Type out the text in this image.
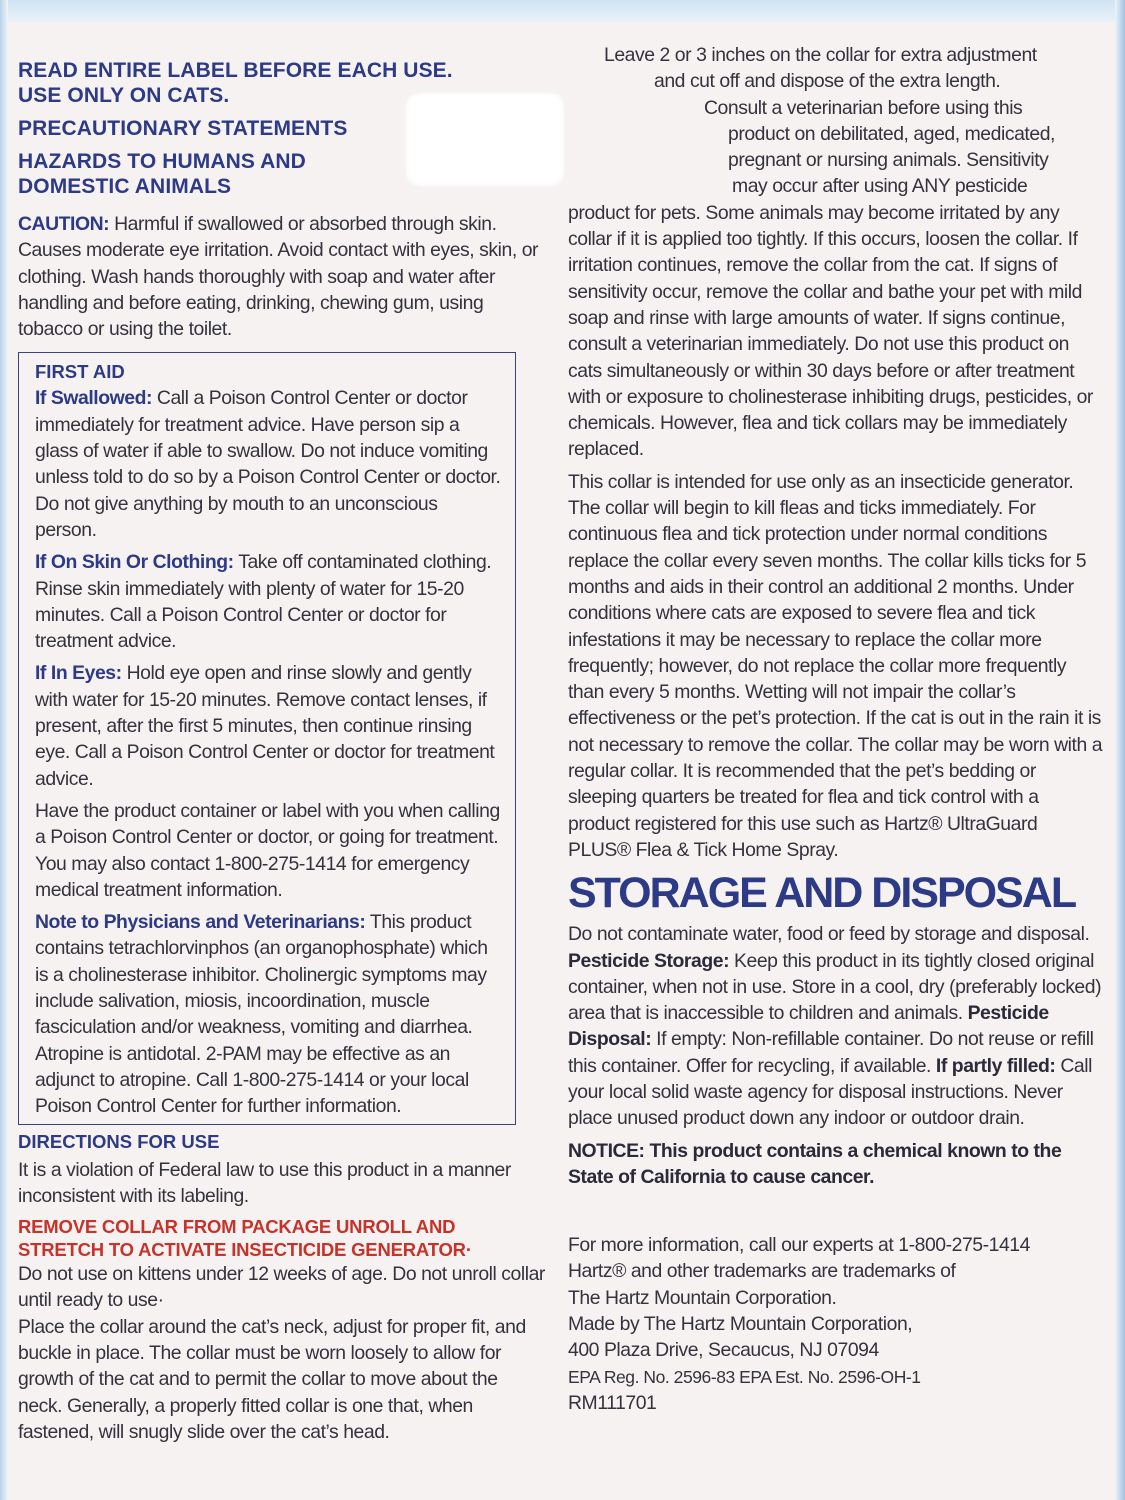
READ ENTIRE LABEL BEFORE EACH USE.

USE ONLY ON CATS.

PRECAUTIONARY STATEMENTS

HAZARDS TO HUMANS AND

DOMESTIC ANIMALS

CAUTION: Harmful if swallowed or absorbed through skin. Causes moderate eye irritation. Avoid contact with eyes, skin, or clothing. Wash hands thoroughly with soap and water after handling and before eating, drinking, chewing gum, using tobacco or using the toilet.

FIRST AID

If Swallowed: Call a Poison Control Center or doctor immediately for treatment advice. Have person sip a glass of water if able to swallow. Do not induce vomiting unless told to do so by a Poison Control Center or doctor. Do not give anything by mouth to an unconscious person.

If On Skin Or Clothing: Take off contaminated clothing. Rinse skin immediately with plenty of water for 15-20 minutes. Call a Poison Control Center or doctor for treatment advice.

If In Eyes: Hold eye open and rinse slowly and gently with water for 15-20 minutes. Remove contact lenses, if present, after the first 5 minutes, then continue rinsing eye. Call a Poison Control Center or doctor for treatment advice.

Have the product container or label with you when calling a Poison Control Center or doctor, or going for treatment. You may also contact 1-800-275-1414 for emergency medical treatment information.

Note to Physicians and Veterinarians: This product contains tetrachlorvinphos (an organophosphate) which is a cholinesterase inhibitor. Cholinergic symptoms may include salivation, miosis, incoordination, muscle fasciculation and/or weakness, vomiting and diarrhea. Atropine is antidotal. 2-PAM may be effective as an adjunct to atropine. Call 1-800-275-1414 or your local Poison Control Center for further information.

DIRECTIONS FOR USE

It is a violation of Federal law to use this product in a manner inconsistent with its labeling.

REMOVE COLLAR FROM PACKAGE UNROLL AND STRETCH TO ACTIVATE INSECTICIDE GENERATOR·

Do not use on kittens under 12 weeks of age. Do not unroll collar until ready to use·

Place the collar around the cat’s neck, adjust for proper fit, and buckle in place. The collar must be worn loosely to allow for growth of the cat and to permit the collar to move about the neck. Generally, a properly fitted collar is one that, when fastened, will snugly slide over the cat’s head.

Leave 2 or 3 inches on the collar for extra adjustment

and cut off and dispose of the extra length.

Consult a veterinarian before using this

product on debilitated, aged, medicated,

pregnant or nursing animals. Sensitivity

may occur after using ANY pesticide

product for pets. Some animals may become irritated by any collar if it is applied too tightly. If this occurs, loosen the collar. If irritation continues, remove the collar from the cat. If signs of sensitivity occur, remove the collar and bathe your pet with mild soap and rinse with large amounts of water. If signs continue, consult a veterinarian immediately. Do not use this product on cats simultaneously or within 30 days before or after treatment with or exposure to cholinesterase inhibiting drugs, pesticides, or chemicals. However, flea and tick collars may be immediately replaced.

This collar is intended for use only as an insecticide generator. The collar will begin to kill fleas and ticks immediately. For continuous flea and tick protection under normal conditions replace the collar every seven months. The collar kills ticks for 5 months and aids in their control an additional 2 months. Under conditions where cats are exposed to severe flea and tick infestations it may be necessary to replace the collar more frequently; however, do not replace the collar more frequently than every 5 months. Wetting will not impair the collar’s effectiveness or the pet’s protection. If the cat is out in the rain it is not necessary to remove the collar. The collar may be worn with a regular collar. It is recommended that the pet’s bedding or sleeping quarters be treated for flea and tick control with a product registered for this use such as Hartz® UltraGuard PLUS® Flea & Tick Home Spray.

STORAGE AND DISPOSAL

Do not contaminate water, food or feed by storage and disposal. Pesticide Storage: Keep this product in its tightly closed original container, when not in use. Store in a cool, dry (preferably locked) area that is inaccessible to children and animals. Pesticide Disposal: If empty: Non-refillable container. Do not reuse or refill this container. Offer for recycling, if available. If partly filled: Call your local solid waste agency for disposal instructions. Never place unused product down any indoor or outdoor drain.

NOTICE: This product contains a chemical known to the State of California to cause cancer.

For more information, call our experts at 1-800-275-1414

Hartz® and other trademarks are trademarks of

The Hartz Mountain Corporation.

Made by The Hartz Mountain Corporation,

400 Plaza Drive, Secaucus, NJ 07094

EPA Reg. No. 2596-83 EPA Est. No. 2596-OH-1

RM111701
